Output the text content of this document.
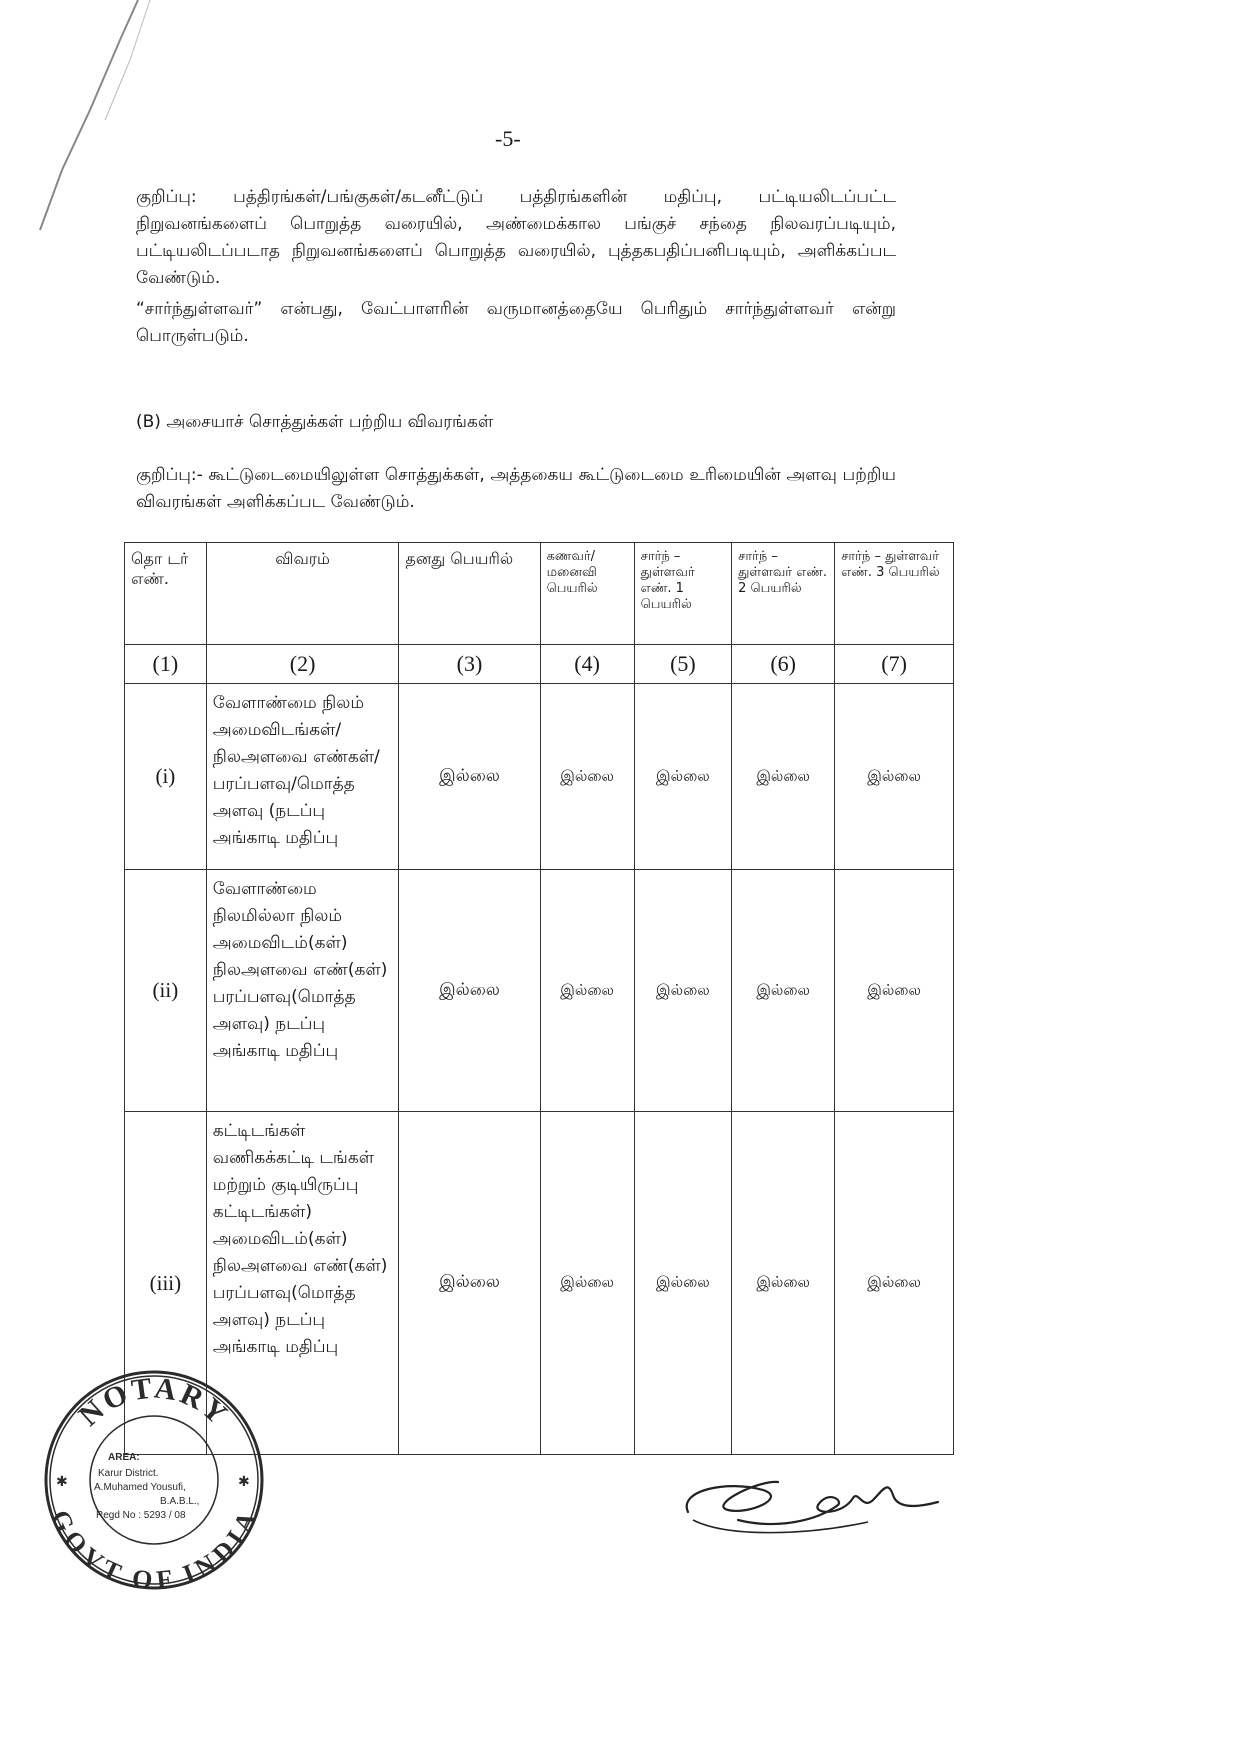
-5-
குறிப்பு: பத்திரங்கள்/பங்குகள்/கடனீட்டுப் பத்திரங்களின் மதிப்பு, பட்டியலிடப்பட்ட நிறுவனங்களைப் பொறுத்த வரையில், அண்மைக்கால பங்குச் சந்தை நிலவரப்படியும், பட்டியலிடப்படாத நிறுவனங்களைப் பொறுத்த வரையில், புத்தகபதிப்பனிபடியும், அளிக்கப்பட வேண்டும்.
“சார்ந்துள்ளவர்” என்பது, வேட்பாளரின் வருமானத்தையே பெரிதும் சார்ந்துள்ளவர் என்று பொருள்படும்.
(B) அசையாச் சொத்துக்கள் பற்றிய விவரங்கள்
குறிப்பு:- கூட்டுடைமையிலுள்ள சொத்துக்கள், அத்தகைய கூட்டுடைமை உரிமையின் அளவு பற்றிய விவரங்கள் அளிக்கப்பட வேண்டும்.
தொ டர் எண்.	விவரம்	தனது பெயரில்	கணவர்/ மனைவி பெயரில்	சார்ந் – துள்ளவர் எண். 1 பெயரில்	சார்ந் – துள்ளவர் எண். 2 பெயரில்	சார்ந் – துள்ளவர் எண். 3 பெயரில்
(1)	(2)	(3)	(4)	(5)	(6)	(7)
(i)	வேளாண்மை நிலம் அமைவிடங்கள்/ நிலஅளவை எண்கள்/ பரப்பளவு/மொத்த அளவு (நடப்பு அங்காடி மதிப்பு	இல்லை	இல்லை	இல்லை	இல்லை	இல்லை
(ii)	வேளாண்மை நிலமில்லா நிலம் அமைவிடம்(கள்) நிலஅளவை எண்(கள்) பரப்பளவு(மொத்த அளவு) நடப்பு அங்காடி மதிப்பு	இல்லை	இல்லை	இல்லை	இல்லை	இல்லை
(iii)	கட்டிடங்கள் வணிகக்கட்டி டங்கள் மற்றும் குடியிருப்பு கட்டிடங்கள்) அமைவிடம்(கள்) நிலஅளவை எண்(கள்) பரப்பளவு(மொத்த அளவு) நடப்பு அங்காடி மதிப்பு	இல்லை	இல்லை	இல்லை	இல்லை	இல்லை
NOTARY
GOVT OF INDIA
✱	✱
AREA:
Karur District.
A.Muhamed Yousufi,
B.A.B.L.,
Regd No : 5293 / 08
